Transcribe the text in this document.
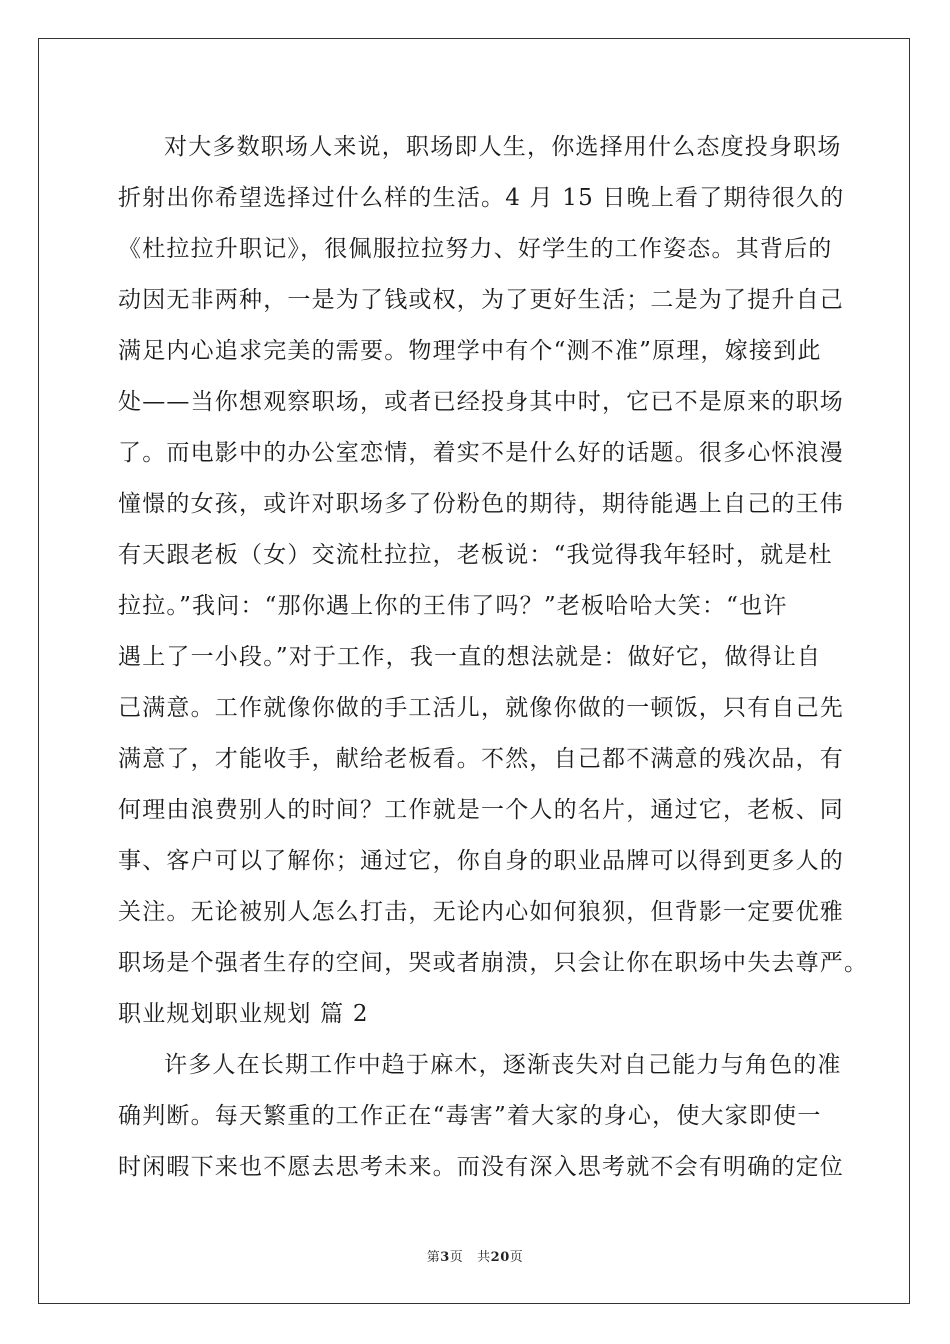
对大多数职场人来说，职场即人生，你选择用什么态度投身职场
折射出你希望选择过什么样的生活。4 月 15 日晚上看了期待很久的
《杜拉拉升职记》，很佩服拉拉努力、好学生的工作姿态。其背后的
动因无非两种，一是为了钱或权，为了更好生活；二是为了提升自己
满足内心追求完美的需要。物理学中有个“测不准”原理，嫁接到此
处——当你想观察职场，或者已经投身其中时，它已不是原来的职场
了。而电影中的办公室恋情，着实不是什么好的话题。很多心怀浪漫
憧憬的女孩，或许对职场多了份粉色的期待，期待能遇上自己的王伟
有天跟老板（女）交流杜拉拉，老板说：“我觉得我年轻时，就是杜
拉拉。”我问：“那你遇上你的王伟了吗？”老板哈哈大笑：“也许
遇上了一小段。”对于工作，我一直的想法就是：做好它，做得让自
己满意。工作就像你做的手工活儿，就像你做的一顿饭，只有自己先
满意了，才能收手，献给老板看。不然，自己都不满意的残次品，有
何理由浪费别人的时间？工作就是一个人的名片，通过它，老板、同
事、客户可以了解你；通过它，你自身的职业品牌可以得到更多人的
关注。无论被别人怎么打击，无论内心如何狼狈，但背影一定要优雅
职场是个强者生存的空间，哭或者崩溃，只会让你在职场中失去尊严。
职业规划职业规划 篇 2
许多人在长期工作中趋于麻木，逐渐丧失对自己能力与角色的准
确判断。每天繁重的工作正在“毒害”着大家的身心，使大家即使一
时闲暇下来也不愿去思考未来。而没有深入思考就不会有明确的定位
第3页   共20页
